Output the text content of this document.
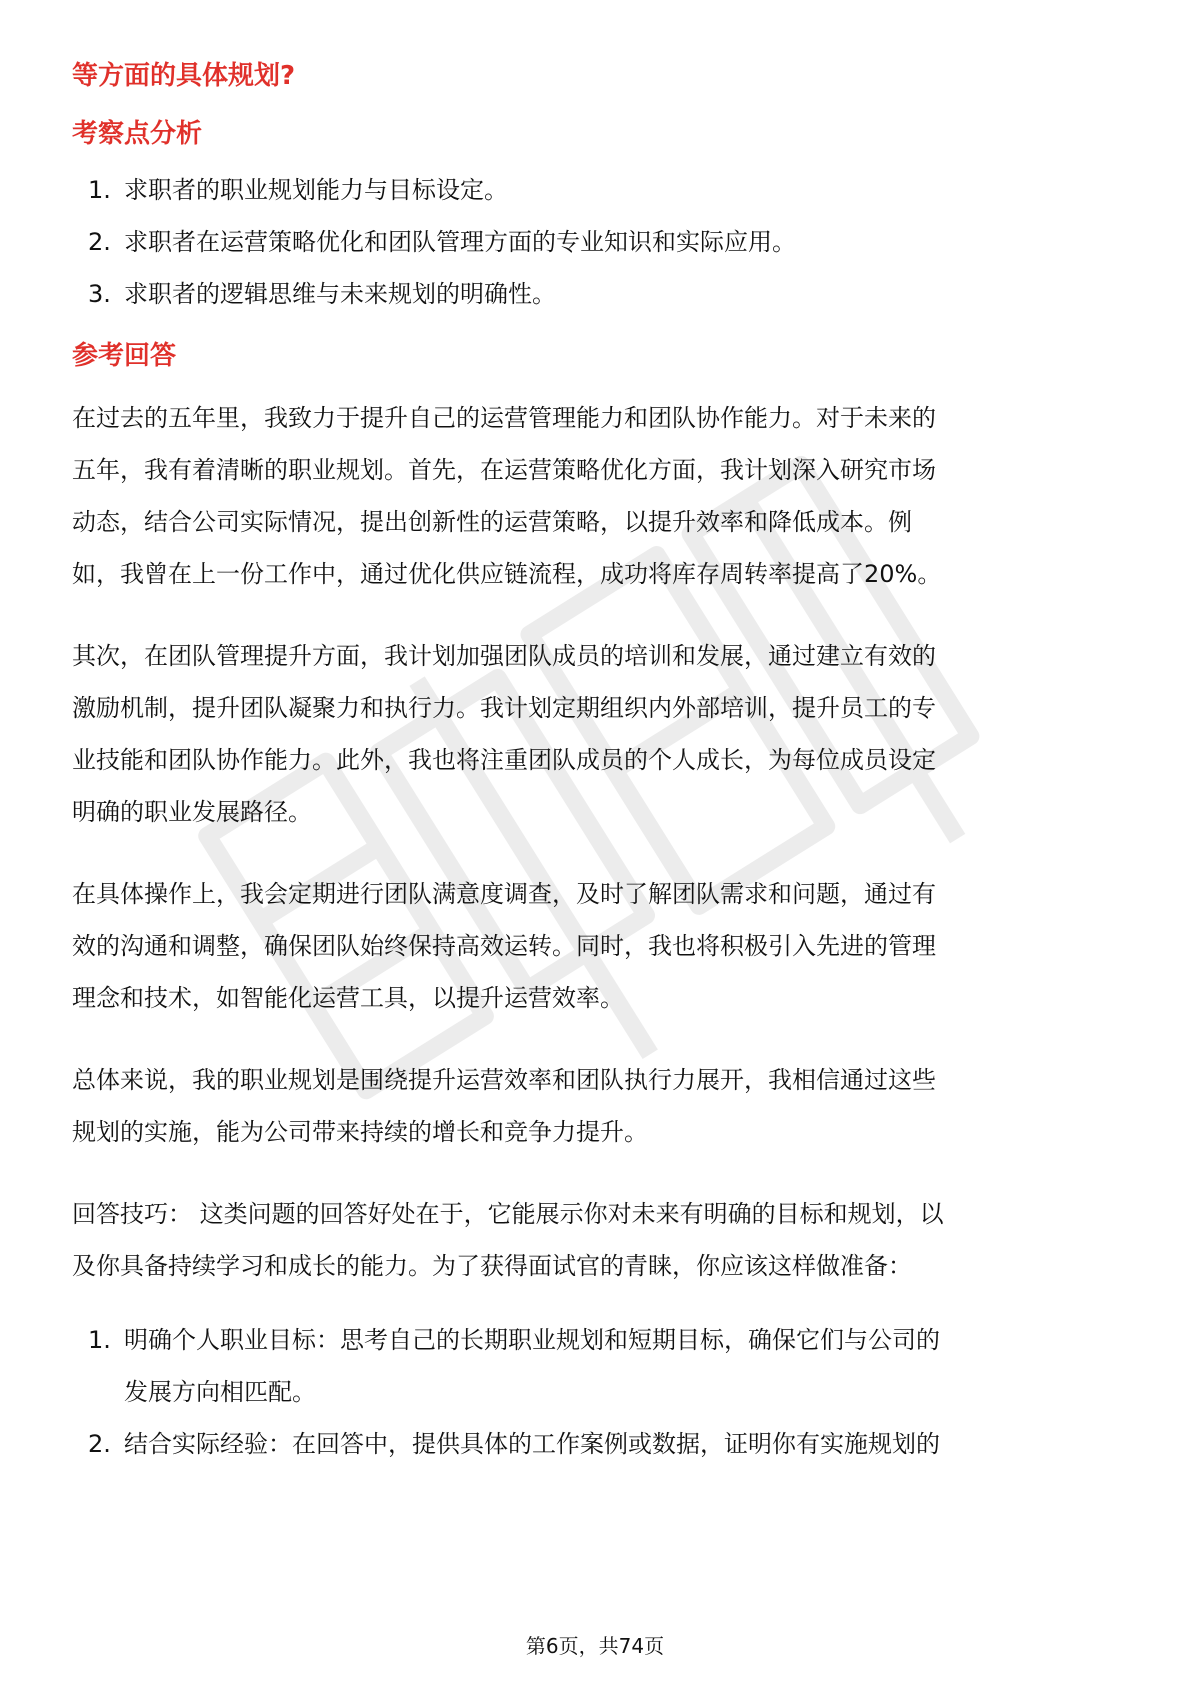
等方面的具体规划?
考察点分析
1. 求职者的职业规划能力与目标设定。
2. 求职者在运营策略优化和团队管理方面的专业知识和实际应用。
3. 求职者的逻辑思维与未来规划的明确性。
参考回答

在过去的五年里，我致力于提升自己的运营管理能力和团队协作能力。对于未来的

五年，我有着清晰的职业规划。首先，在运营策略优化方面，我计划深入研究市场

动态，结合公司实际情况，提出创新性的运营策略，以提升效率和降低成本。例

如，我曾在上一份工作中，通过优化供应链流程，成功将库存周转率提高了20%。

其次，在团队管理提升方面，我计划加强团队成员的培训和发展，通过建立有效的

激励机制，提升团队凝聚力和执行力。我计划定期组织内外部培训，提升员工的专

业技能和团队协作能力。此外，我也将注重团队成员的个人成长，为每位成员设定

明确的职业发展路径。

在具体操作上，我会定期进行团队满意度调查，及时了解团队需求和问题，通过有

效的沟通和调整，确保团队始终保持高效运转。同时，我也将积极引入先进的管理

理念和技术，如智能化运营工具，以提升运营效率。

总体来说，我的职业规划是围绕提升运营效率和团队执行力展开，我相信通过这些

规划的实施，能为公司带来持续的增长和竞争力提升。

回答技巧： 这类问题的回答好处在于，它能展示你对未来有明确的目标和规划，以

及你具备持续学习和成长的能力。为了获得面试官的青睐，你应该这样做准备：

1. 明确个人职业目标：思考自己的长期职业规划和短期目标，确保它们与公司的
发展方向相匹配。
2. 结合实际经验：在回答中，提供具体的工作案例或数据，证明你有实施规划的
第6页，共74页
